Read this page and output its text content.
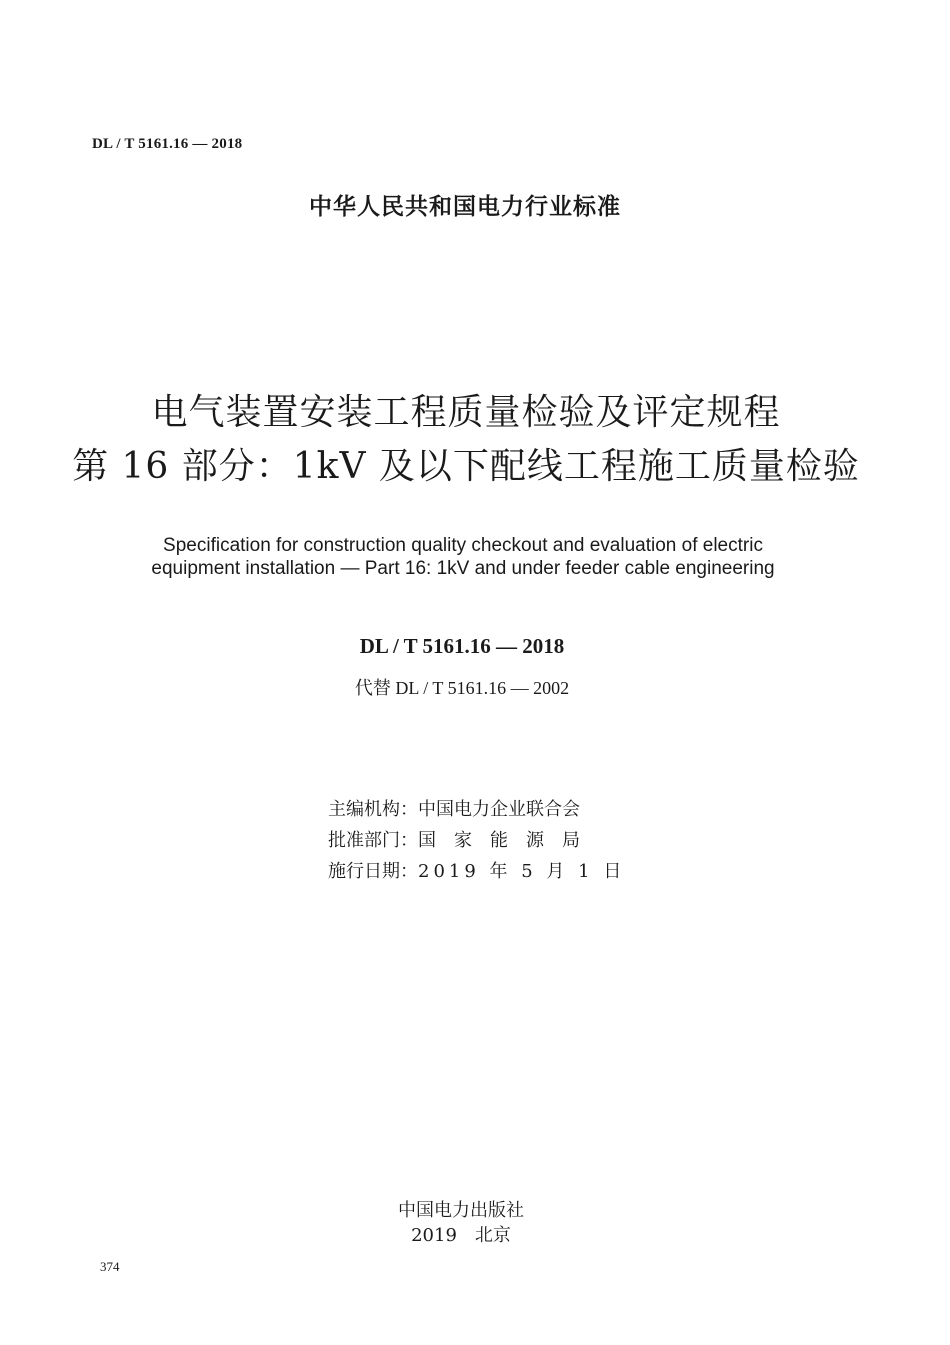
DL / T 5161.16 — 2018
中华人民共和国电力行业标准
电气装置安装工程质量检验及评定规程
第 16 部分：1kV 及以下配线工程施工质量检验
Specification for construction quality checkout and evaluation of electric
equipment installation — Part 16: 1kV and under feeder cable engineering
DL / T 5161.16 — 2018
代替 DL / T 5161.16 — 2002
主编机构： 中国电力企业联合会
批准部门： 国家能源局
施行日期： 2019 年 5 月 1 日
中国电力出版社
2019　北京
374
